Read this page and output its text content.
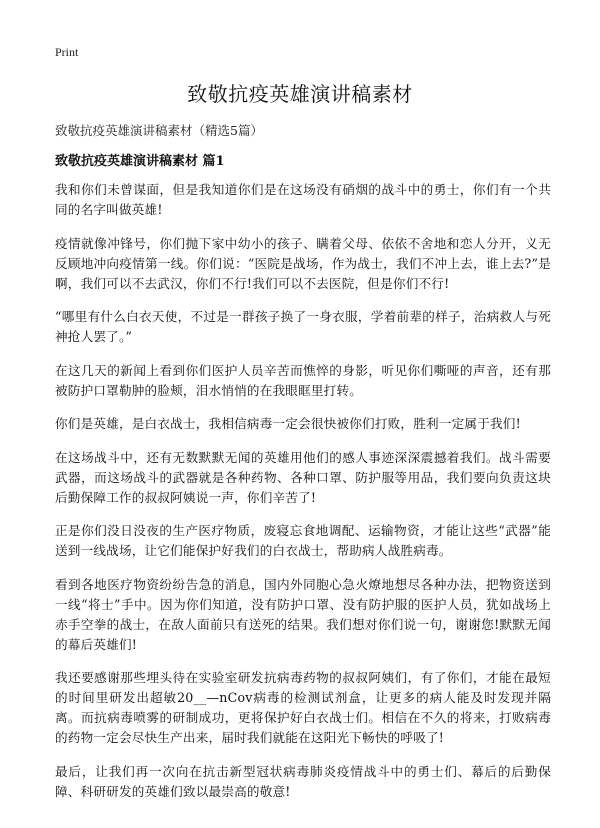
Print
致敬抗疫英雄演讲稿素材

致敬抗疫英雄演讲稿素材（精选5篇）

致敬抗疫英雄演讲稿素材 篇1

我和你们未曾谋面，但是我知道你们是在这场没有硝烟的战斗中的勇士，你们有一个共同的名字叫做英雄!

疫情就像冲锋号，你们抛下家中幼小的孩子、瞒着父母、依依不舍地和恋人分开，义无反顾地冲向疫情第一线。你们说：“医院是战场，作为战士，我们不冲上去，谁上去?”是啊，我们可以不去武汉，你们不行!我们可以不去医院，但是你们不行!

“哪里有什么白衣天使，不过是一群孩子换了一身衣服，学着前辈的样子，治病救人与死神抢人罢了。”

在这几天的新闻上看到你们医护人员辛苦而憔悴的身影，听见你们嘶哑的声音，还有那被防护口罩勒肿的脸颊，泪水悄悄的在我眼眶里打转。

你们是英雄，是白衣战士，我相信病毒一定会很快被你们打败，胜利一定属于我们!

在这场战斗中，还有无数默默无闻的英雄用他们的感人事迹深深震撼着我们。战斗需要武器，而这场战斗的武器就是各种药物、各种口罩、防护服等用品，我们要向负责这块后勤保障工作的叔叔阿姨说一声，你们辛苦了!

正是你们没日没夜的生产医疗物质，废寝忘食地调配、运输物资，才能让这些“武器”能送到一线战场，让它们能保护好我们的白衣战士，帮助病人战胜病毒。

看到各地医疗物资纷纷告急的消息，国内外同胞心急火燎地想尽各种办法，把物资送到一线“将士”手中。因为你们知道，没有防护口罩、没有防护服的医护人员，犹如战场上赤手空拳的战士，在敌人面前只有送死的结果。我们想对你们说一句，谢谢您!默默无闻的幕后英雄们!

我还要感谢那些埋头待在实验室研发抗病毒药物的叔叔阿姨们，有了你们，才能在最短的时间里研发出超敏20__—nCov病毒的检测试剂盒，让更多的病人能及时发现并隔离。而抗病毒喷雾的研制成功，更将保护好白衣战士们。相信在不久的将来，打败病毒的药物一定会尽快生产出来，届时我们就能在这阳光下畅快的呼吸了!

最后，让我们再一次向在抗击新型冠状病毒肺炎疫情战斗中的勇士们、幕后的后勤保障、科研研发的英雄们致以最崇高的敬意!
